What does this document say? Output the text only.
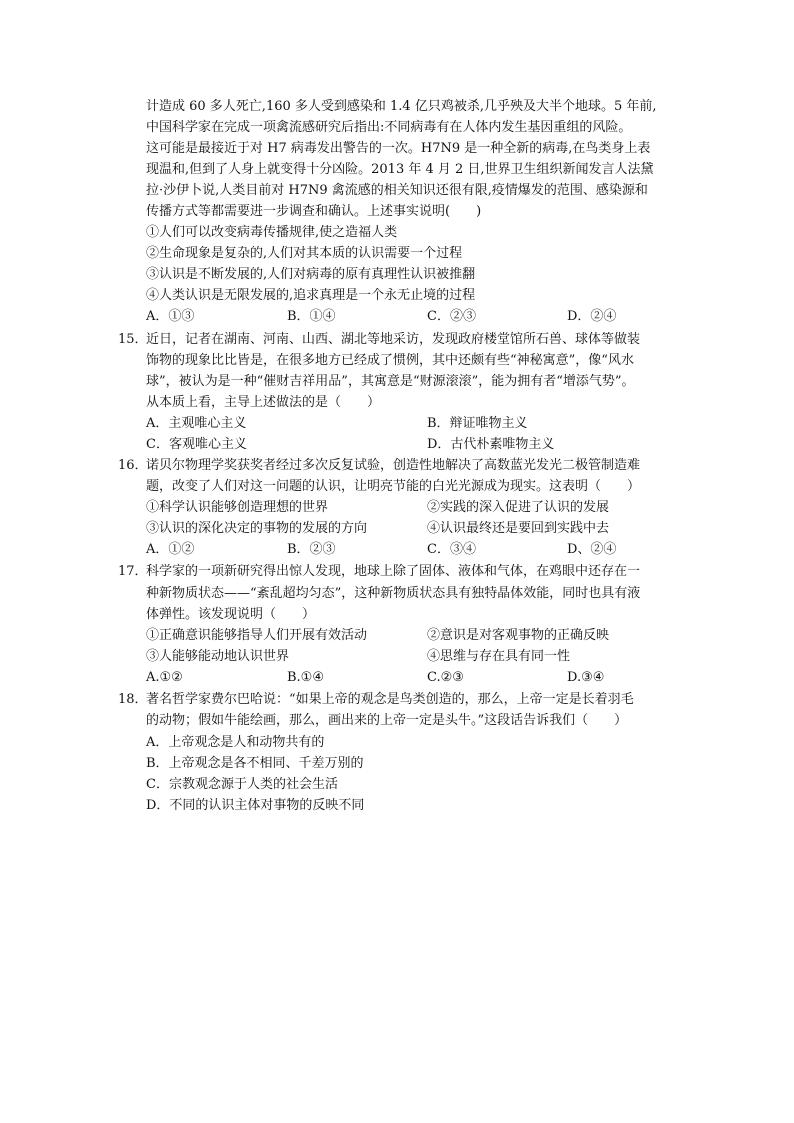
计造成 60 多人死亡,160 多人受到感染和 1.4 亿只鸡被杀,几乎殃及大半个地球。5 年前,
中国科学家在完成一项禽流感研究后指出:不同病毒有在人体内发生基因重组的风险。
这可能是最接近于对 H7 病毒发出警告的一次。H7N9 是一种全新的病毒,在鸟类身上表
现温和,但到了人身上就变得十分凶险。2013 年 4 月 2 日,世界卫生组织新闻发言人法黛
拉·沙伊卜说,人类目前对 H7N9 禽流感的相关知识还很有限,疫情爆发的范围、感染源和
传播方式等都需要进一步调查和确认。上述事实说明(　　)
①人们可以改变病毒传播规律,使之造福人类
②生命现象是复杂的,人们对其本质的认识需要一个过程
③认识是不断发展的,人们对病毒的原有真理性认识被推翻
④人类认识是无限发展的,追求真理是一个永无止境的过程
A．①③	B．①④	C．②③	D．②④
15．
近日，记者在湖南、河南、山西、湖北等地采访，发现政府楼堂馆所石兽、球体等做装
饰物的现象比比皆是，在很多地方已经成了惯例，其中还颇有些“神秘寓意”，像“风水
球”，被认为是一种“催财吉祥用品”，其寓意是“财源滚滚”，能为拥有者“增添气势”。
从本质上看，主导上述做法的是（　　）
A．主观唯心主义	B．辩证唯物主义
C．客观唯心主义	D．古代朴素唯物主义
16．
诺贝尔物理学奖获奖者经过多次反复试验，创造性地解决了高数蓝光发光二极管制造难
题，改变了人们对这一问题的认识，让明亮节能的白光光源成为现实。这表明（　　）
①科学认识能够创造理想的世界	②实践的深入促进了认识的发展
③认识的深化决定的事物的发展的方向	④认识最终还是要回到实践中去
A．①②	B．②③	C．③④	D、②④
17．
科学家的一项新研究得出惊人发现，地球上除了固体、液体和气体，在鸡眼中还存在一
种新物质状态——“紊乱超均匀态”，这种新物质状态具有独特晶体效能，同时也具有液
体弹性。该发现说明（　　）
①正确意识能够指导人们开展有效活动	②意识是对客观事物的正确反映
③人能够能动地认识世界	④思维与存在具有同一性
A.①②	B.①④	C.②③	D.③④
18．
著名哲学家费尔巴哈说：“如果上帝的观念是鸟类创造的，那么，上帝一定是长着羽毛
的动物；假如牛能绘画，那么，画出来的上帝一定是头牛。”这段话告诉我们（　　）
A．上帝观念是人和动物共有的
B．上帝观念是各不相同、千差万别的
C．宗教观念源于人类的社会生活
D．不同的认识主体对事物的反映不同
